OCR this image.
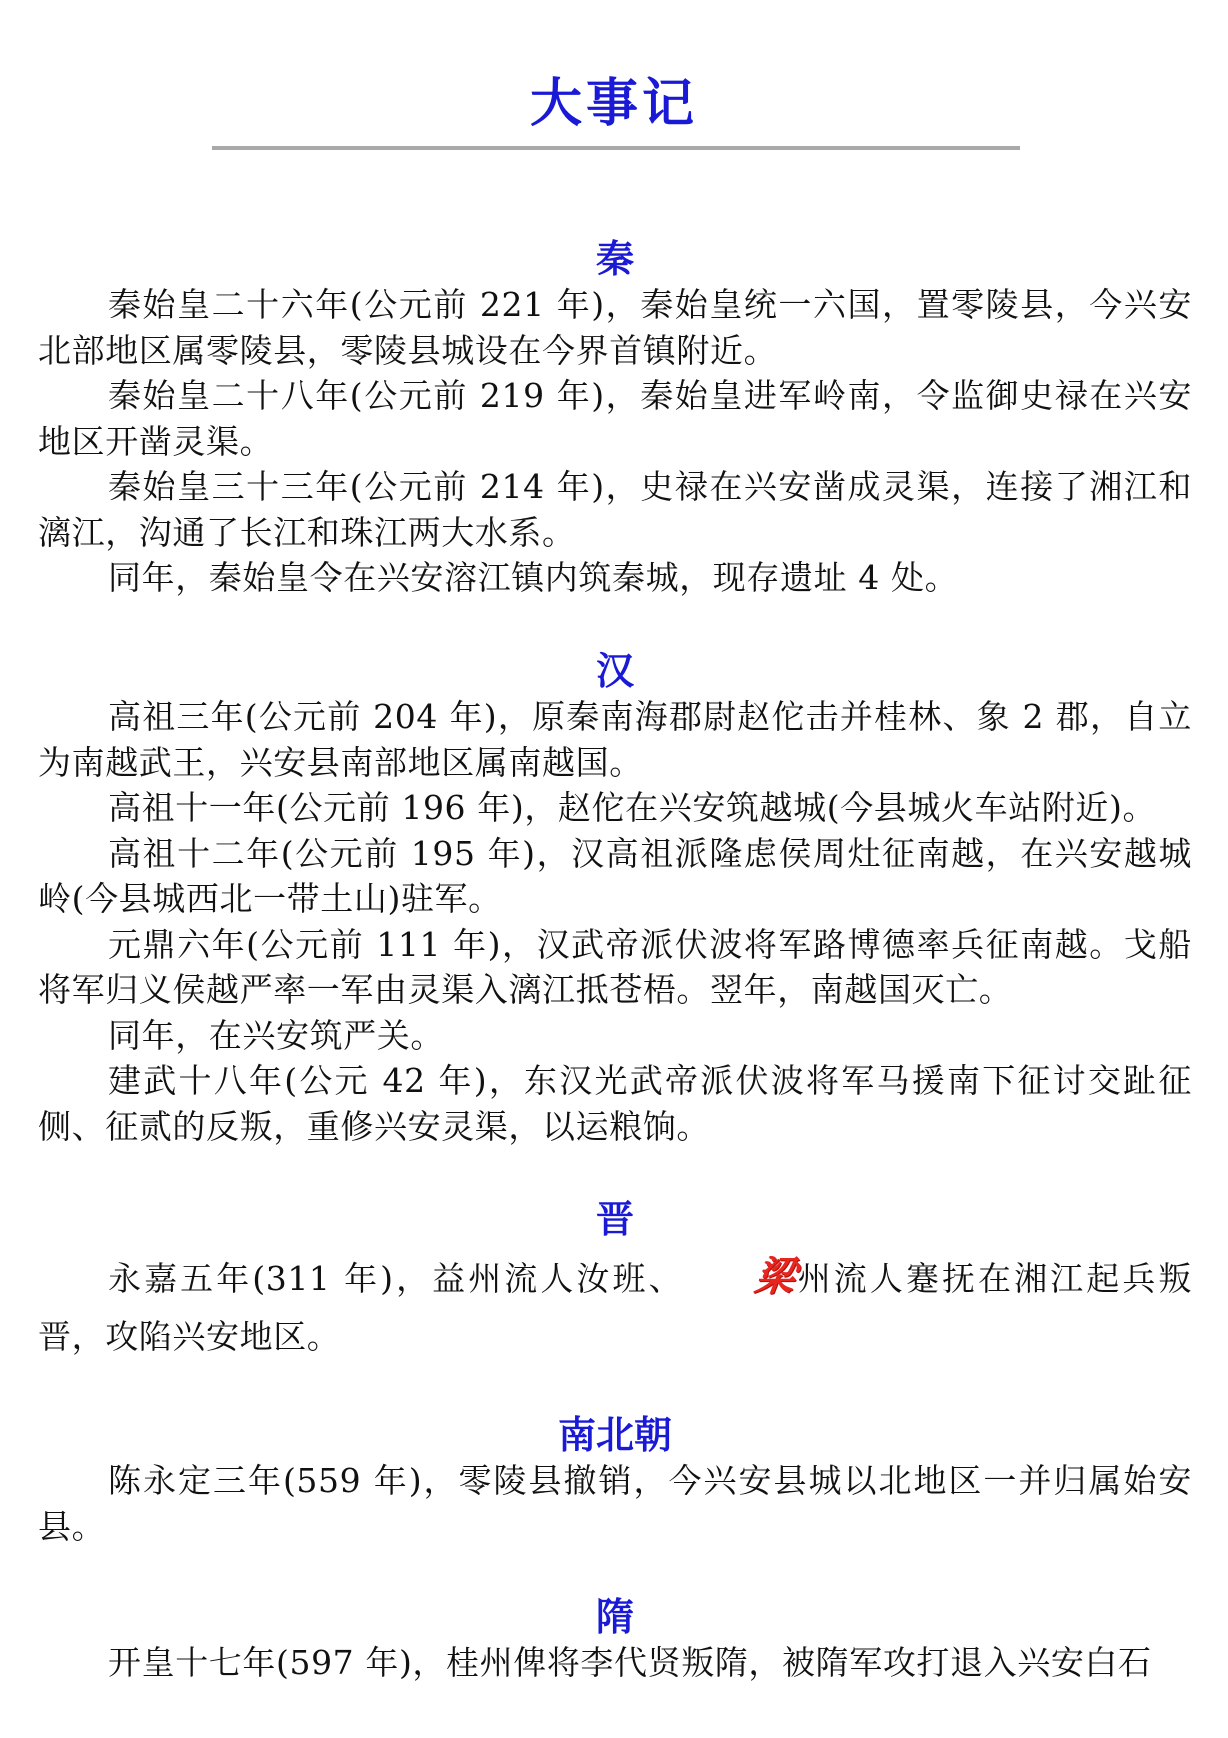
大事记
秦

秦始皇二十六年(公元前 221 年)，秦始皇统一六国，置零陵县，今兴安北部地区属零陵县，零陵县城设在今界首镇附近。

秦始皇二十八年(公元前 219 年)，秦始皇进军岭南，令监御史禄在兴安地区开凿灵渠。

秦始皇三十三年(公元前 214 年)，史禄在兴安凿成灵渠，连接了湘江和漓江，沟通了长江和珠江两大水系。

同年，秦始皇令在兴安溶江镇内筑秦城，现存遗址 4 处。

汉

高祖三年(公元前 204 年)，原秦南海郡尉赵佗击并桂林、象 2 郡，自立为南越武王，兴安县南部地区属南越国。

高祖十一年(公元前 196 年)，赵佗在兴安筑越城(今县城火车站附近)。

高祖十二年(公元前 195 年)，汉高祖派隆虑侯周灶征南越，在兴安越城岭(今县城西北一带土山)驻军。

元鼎六年(公元前 111 年)，汉武帝派伏波将军路博德率兵征南越。戈船将军归义侯越严率一军由灵渠入漓江抵苍梧。翌年，南越国灭亡。

同年，在兴安筑严关。

建武十八年(公元 42 年)，东汉光武帝派伏波将军马援南下征讨交趾征侧、征贰的反叛，重修兴安灵渠，以运粮饷。

晋

永嘉五年(311 年)，益州流人汝班、 梁州流人蹇抚在湘江起兵叛晋，攻陷兴安地区。

南北朝

陈永定三年(559 年)，零陵县撤销，今兴安县城以北地区一并归属始安县。

隋

开皇十七年(597 年)，桂州俾将李代贤叛隋，被隋军攻打退入兴安白石
